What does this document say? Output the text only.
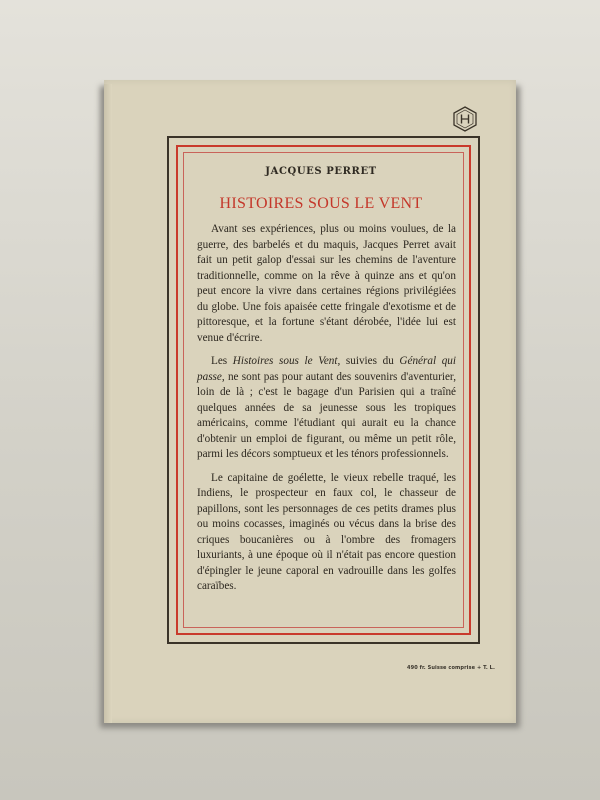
JACQUES PERRET
HISTOIRES SOUS LE VENT

Avant ses expériences, plus ou moins voulues, de la guerre, des barbelés et du maquis, Jacques Perret avait fait un petit galop d'essai sur les chemins de l'aventure traditionnelle, comme on la rêve à quinze ans et qu'on peut encore la vivre dans certaines régions privilégiées du globe. Une fois apaisée cette fringale d'exotisme et de pittoresque, et la fortune s'étant dérobée, l'idée lui est venue d'écrire.

Les Histoires sous le Vent, suivies du Général qui passe, ne sont pas pour autant des souvenirs d'aventurier, loin de là ; c'est le bagage d'un Parisien qui a traîné quelques années de sa jeunesse sous les tropiques américains, comme l'étudiant qui aurait eu la chance d'obtenir un emploi de figurant, ou même un petit rôle, parmi les décors somptueux et les ténors professionnels.

Le capitaine de goélette, le vieux rebelle traqué, les Indiens, le prospecteur en faux col, le chasseur de papillons, sont les personnages de ces petits drames plus ou moins cocasses, imaginés ou vécus dans la brise des criques boucanières ou à l'ombre des fromagers luxuriants, à une époque où il n'était pas encore question d'épingler le jeune caporal en vadrouille dans les golfes caraïbes.

490 fr. Suisse comprise + T. L.
